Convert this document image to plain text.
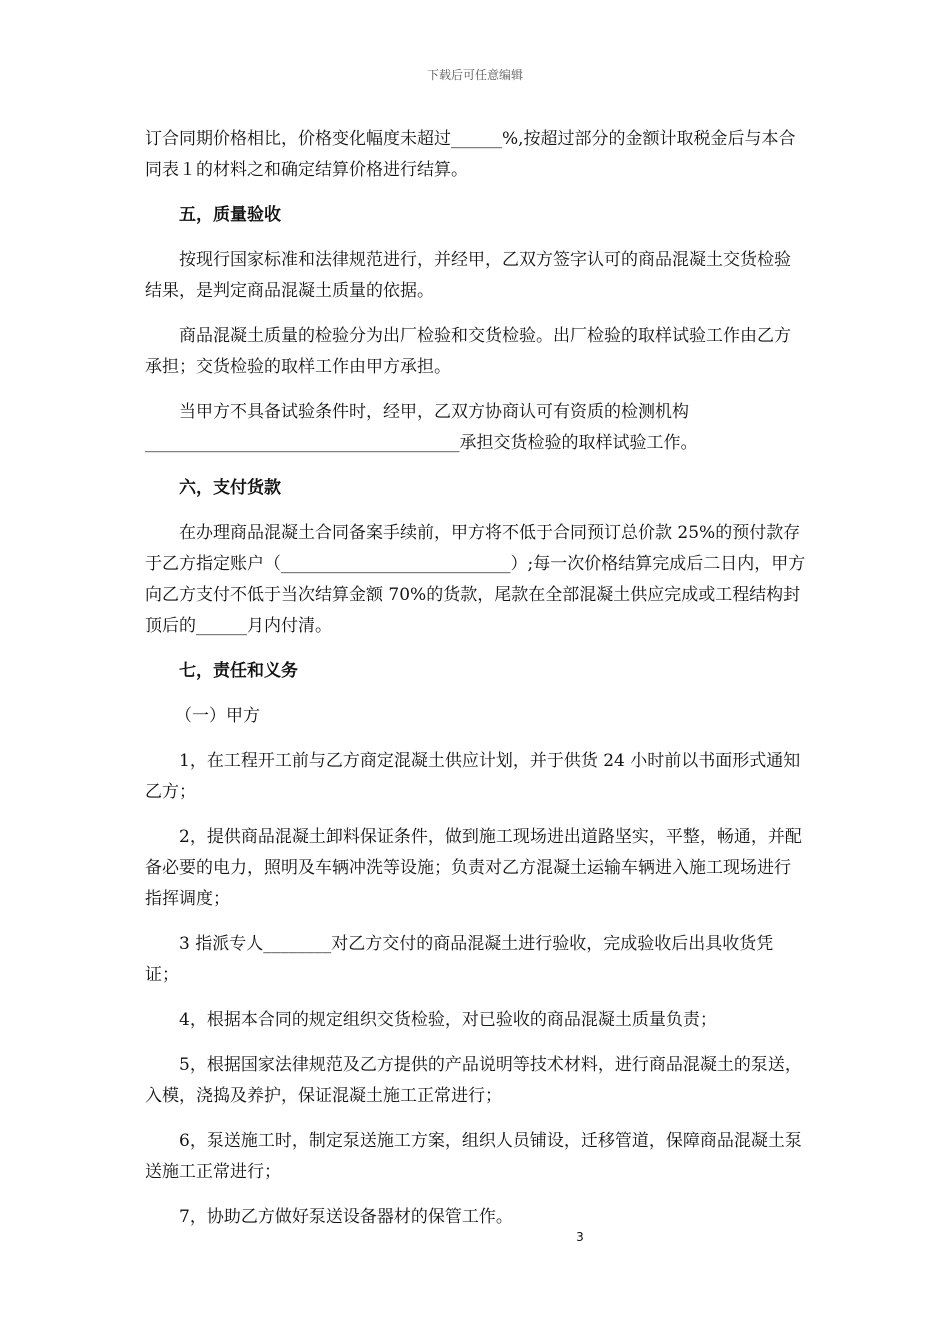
下载后可任意编辑

订合同期价格相比，价格变化幅度未超过______%,按超过部分的金额计取税金后与本合同表１的材料之和确定结算价格进行结算。

五，质量验收

按现行国家标准和法律规范进行，并经甲，乙双方签字认可的商品混凝土交货检验结果，是判定商品混凝土质量的依据。

商品混凝土质量的检验分为出厂检验和交货检验。出厂检验的取样试验工作由乙方承担；交货检验的取样工作由甲方承担。

当甲方不具备试验条件时，经甲，乙双方协商认可有资质的检测机构_____________________________________承担交货检验的取样试验工作。

六，支付货款

在办理商品混凝土合同备案手续前，甲方将不低于合同预订总价款 25%的预付款存于乙方指定账户（___________________________）;每一次价格结算完成后二日内，甲方向乙方支付不低于当次结算金额 70%的货款，尾款在全部混凝土供应完成或工程结构封顶后的______月内付清。

七，责任和义务

（一）甲方

1，在工程开工前与乙方商定混凝土供应计划，并于供货 24 小时前以书面形式通知乙方；

2，提供商品混凝土卸料保证条件，做到施工现场进出道路坚实，平整，畅通，并配备必要的电力，照明及车辆冲洗等设施；负责对乙方混凝土运输车辆进入施工现场进行指挥调度；

3 指派专人________对乙方交付的商品混凝土进行验收，完成验收后出具收货凭证；

4，根据本合同的规定组织交货检验，对已验收的商品混凝土质量负责；

5，根据国家法律规范及乙方提供的产品说明等技术材料，进行商品混凝土的泵送，入模，浇捣及养护，保证混凝土施工正常进行；

6，泵送施工时，制定泵送施工方案，组织人员铺设，迁移管道，保障商品混凝土泵送施工正常进行；

7，协助乙方做好泵送设备器材的保管工作。

3
